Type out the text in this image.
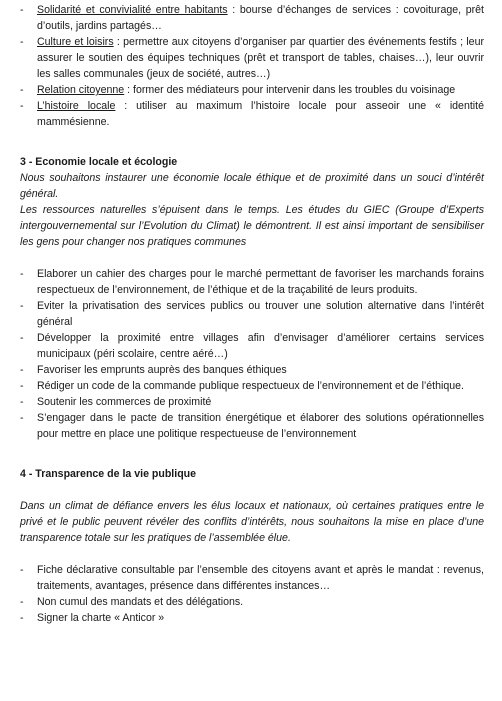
- Solidarité et convivialité entre habitants : bourse d’échanges de services : covoiturage, prêt d’outils, jardins partagés…
- Culture et loisirs : permettre aux citoyens d’organiser par quartier des événements festifs ; leur assurer le soutien des équipes techniques (prêt et transport de tables, chaises…), leur ouvrir les salles communales (jeux de société, autres…)
- Relation citoyenne : former des médiateurs pour intervenir dans les troubles du voisinage
- L’histoire locale : utiliser au maximum l’histoire locale pour asseoir une « identité mammésienne.
3 - Economie locale et écologie

Nous souhaitons instaurer une économie locale éthique et de proximité dans un souci d’intérêt général.

Les ressources naturelles s’épuisent dans le temps. Les études du GIEC (Groupe d’Experts intergouvernemental sur l’Evolution du Climat) le démontrent. Il est ainsi important de sensibiliser les gens pour changer nos pratiques communes

- Elaborer un cahier des charges pour le marché permettant de favoriser les marchands forains respectueux de l’environnement, de l’éthique et de la traçabilité de leurs produits.
- Eviter la privatisation des services publics ou trouver une solution alternative dans l’intérêt général
- Développer la proximité entre villages afin d’envisager d’améliorer certains services municipaux (péri scolaire, centre aéré…)
- Favoriser les emprunts auprès des banques éthiques
- Rédiger un code de la commande publique respectueux de l’environnement et de l’éthique.
- Soutenir les commerces de proximité
- S’engager dans le pacte de transition énergétique et élaborer des solutions opérationnelles pour mettre en place une politique respectueuse de l’environnement
4 - Transparence de la vie publique

Dans un climat de défiance envers les élus locaux et nationaux, où certaines pratiques entre le privé et le public peuvent révéler des conflits d’intérêts, nous souhaitons la mise en place d’une transparence totale sur les pratiques de l’assemblée élue.

- Fiche déclarative consultable par l’ensemble des citoyens avant et après le mandat : revenus, traitements, avantages, présence dans différentes instances…
- Non cumul des mandats et des délégations.
- Signer la charte « Anticor »
